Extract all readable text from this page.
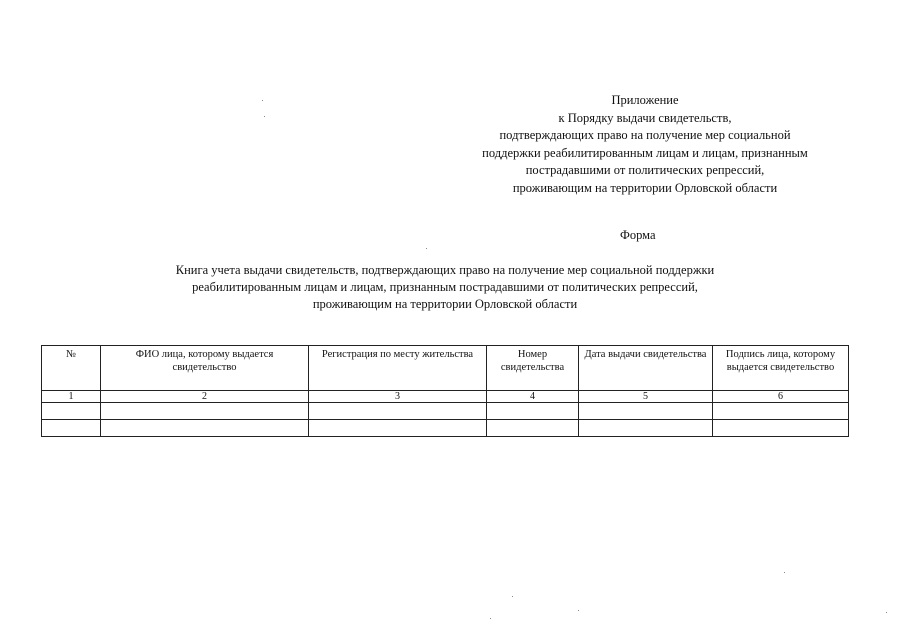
Приложение
к Порядку выдачи свидетельств,
подтверждающих право на получение мер социальной
поддержки реабилитированным лицам и лицам, признанным
пострадавшими от политических репрессий,
проживающим на территории Орловской области
Форма
Книга учета выдачи свидетельств, подтверждающих право на получение мер социальной поддержки
реабилитированным лицам и лицам, признанным пострадавшими от политических репрессий,
проживающим на территории Орловской области
№	ФИО лица, которому выдается свидетельство	Регистрация по месту жительства	Номер свидетельства	Дата выдачи свидетельства	Подпись лица, которому выдается свидетельство
1	2	3	4	5	6
